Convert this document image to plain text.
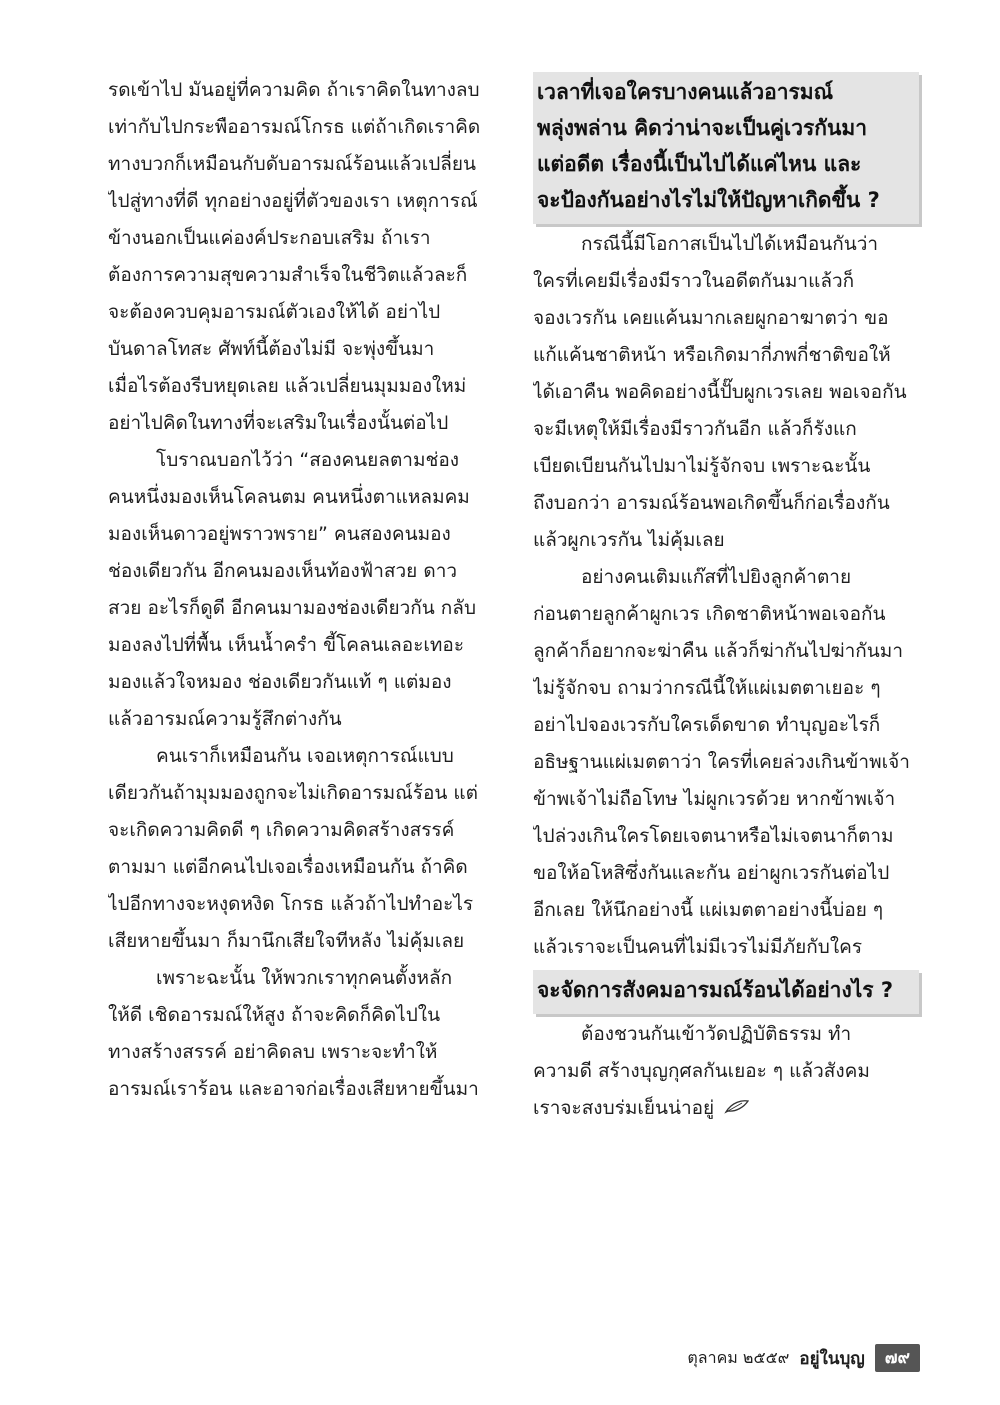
รดเข้าไป มันอยู่ที่ความคิด ถ้าเราคิดในทางลบ
เท่ากับไปกระพืออารมณ์โกรธ แต่ถ้าเกิดเราคิด
ทางบวกก็เหมือนกับดับอารมณ์ร้อนแล้วเปลี่ยน
ไปสู่ทางที่ดี ทุกอย่างอยู่ที่ตัวของเรา เหตุการณ์
ข้างนอกเป็นแค่องค์ประกอบเสริม ถ้าเรา
ต้องการความสุขความสำเร็จในชีวิตแล้วละก็
จะต้องควบคุมอารมณ์ตัวเองให้ได้ อย่าไป
บันดาลโทสะ ศัพท์นี้ต้องไม่มี จะพุ่งขึ้นมา
เมื่อไรต้องรีบหยุดเลย แล้วเปลี่ยนมุมมองใหม่
อย่าไปคิดในทางที่จะเสริมในเรื่องนั้นต่อไป
โบราณบอกไว้ว่า “สองคนยลตามช่อง
คนหนึ่งมองเห็นโคลนตม คนหนึ่งตาแหลมคม
มองเห็นดาวอยู่พราวพราย” คนสองคนมอง
ช่องเดียวกัน อีกคนมองเห็นท้องฟ้าสวย ดาว
สวย อะไรก็ดูดี อีกคนมามองช่องเดียวกัน กลับ
มองลงไปที่พื้น เห็นน้ำครำ ขี้โคลนเลอะเทอะ
มองแล้วใจหมอง ช่องเดียวกันแท้ ๆ แต่มอง
แล้วอารมณ์ความรู้สึกต่างกัน
คนเราก็เหมือนกัน เจอเหตุการณ์แบบ
เดียวกันถ้ามุมมองถูกจะไม่เกิดอารมณ์ร้อน แต่
จะเกิดความคิดดี ๆ เกิดความคิดสร้างสรรค์
ตามมา แต่อีกคนไปเจอเรื่องเหมือนกัน ถ้าคิด
ไปอีกทางจะหงุดหงิด โกรธ แล้วถ้าไปทำอะไร
เสียหายขึ้นมา ก็มานึกเสียใจทีหลัง ไม่คุ้มเลย
เพราะฉะนั้น ให้พวกเราทุกคนตั้งหลัก
ให้ดี เชิดอารมณ์ให้สูง ถ้าจะคิดก็คิดไปใน
ทางสร้างสรรค์ อย่าคิดลบ เพราะจะทำให้
อารมณ์เราร้อน และอาจก่อเรื่องเสียหายขึ้นมา
เวลาที่เจอใครบางคนแล้วอารมณ์
พลุ่งพล่าน คิดว่าน่าจะเป็นคู่เวรกันมา
แต่อดีต เรื่องนี้เป็นไปได้แค่ไหน และ
จะป้องกันอย่างไรไม่ให้ปัญหาเกิดขึ้น ?
กรณีนี้มีโอกาสเป็นไปได้เหมือนกันว่า
ใครที่เคยมีเรื่องมีราวในอดีตกันมาแล้วก็
จองเวรกัน เคยแค้นมากเลยผูกอาฆาตว่า ขอ
แก้แค้นชาติหน้า หรือเกิดมากี่ภพกี่ชาติขอให้
ได้เอาคืน พอคิดอย่างนี้ปั๊บผูกเวรเลย พอเจอกัน
จะมีเหตุให้มีเรื่องมีราวกันอีก แล้วก็รังแก
เบียดเบียนกันไปมาไม่รู้จักจบ เพราะฉะนั้น
ถึงบอกว่า อารมณ์ร้อนพอเกิดขึ้นก็ก่อเรื่องกัน
แล้วผูกเวรกัน ไม่คุ้มเลย
อย่างคนเติมแก๊สที่ไปยิงลูกค้าตาย
ก่อนตายลูกค้าผูกเวร เกิดชาติหน้าพอเจอกัน
ลูกค้าก็อยากจะฆ่าคืน แล้วก็ฆ่ากันไปฆ่ากันมา
ไม่รู้จักจบ ถามว่ากรณีนี้ให้แผ่เมตตาเยอะ ๆ
อย่าไปจองเวรกับใครเด็ดขาด ทำบุญอะไรก็
อธิษฐานแผ่เมตตาว่า ใครที่เคยล่วงเกินข้าพเจ้า
ข้าพเจ้าไม่ถือโทษ ไม่ผูกเวรด้วย หากข้าพเจ้า
ไปล่วงเกินใครโดยเจตนาหรือไม่เจตนาก็ตาม
ขอให้อโหสิซึ่งกันและกัน อย่าผูกเวรกันต่อไป
อีกเลย ให้นึกอย่างนี้ แผ่เมตตาอย่างนี้บ่อย ๆ
แล้วเราจะเป็นคนที่ไม่มีเวรไม่มีภัยกับใคร
จะจัดการสังคมอารมณ์ร้อนได้อย่างไร ?
ต้องชวนกันเข้าวัดปฏิบัติธรรม ทำ
ความดี สร้างบุญกุศลกันเยอะ ๆ แล้วสังคม
เราจะสงบร่มเย็นน่าอยู่
ตุลาคม ๒๕๕๙ อยู่ในบุญ	๗๙
